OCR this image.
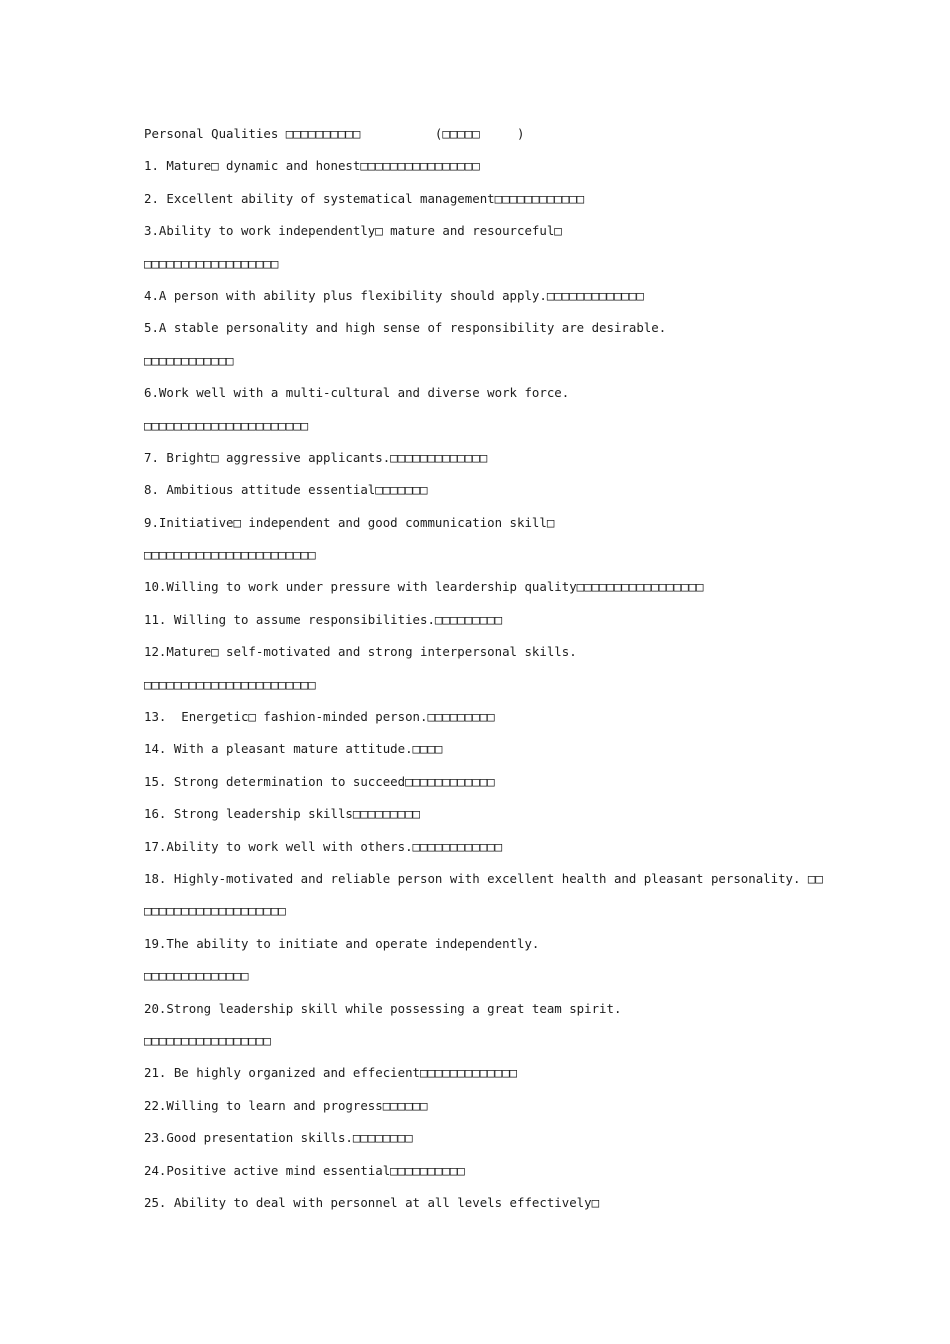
Personal Qualities □□□□□□□□□□          (□□□□□     )
1. Mature□ dynamic and honest□□□□□□□□□□□□□□□□
2. Excellent ability of systematical management□□□□□□□□□□□□
3.Ability to work independently□ mature and resourceful□
□□□□□□□□□□□□□□□□□□
4.A person with ability plus flexibility should apply.□□□□□□□□□□□□□
5.A stable personality and high sense of responsibility are desirable.
□□□□□□□□□□□□
6.Work well with a multi-cultural and diverse work force.
□□□□□□□□□□□□□□□□□□□□□□
7. Bright□ aggressive applicants.□□□□□□□□□□□□□
8. Ambitious attitude essential□□□□□□□
9.Initiative□ independent and good communication skill□
□□□□□□□□□□□□□□□□□□□□□□□
10.Willing to work under pressure with leardership quality□□□□□□□□□□□□□□□□□
11. Willing to assume responsibilities.□□□□□□□□□
12.Mature□ self-motivated and strong interpersonal skills.
□□□□□□□□□□□□□□□□□□□□□□□
13.  Energetic□ fashion-minded person.□□□□□□□□□
14. With a pleasant mature attitude.□□□□
15. Strong determination to succeed□□□□□□□□□□□□
16. Strong leadership skills□□□□□□□□□
17.Ability to work well with others.□□□□□□□□□□□□
18. Highly-motivated and reliable person with excellent health and pleasant personality. □□
□□□□□□□□□□□□□□□□□□□
19.The ability to initiate and operate independently.
□□□□□□□□□□□□□□
20.Strong leadership skill while possessing a great team spirit.
□□□□□□□□□□□□□□□□□
21. Be highly organized and effecient□□□□□□□□□□□□□
22.Willing to learn and progress□□□□□□
23.Good presentation skills.□□□□□□□□
24.Positive active mind essential□□□□□□□□□□
25. Ability to deal with personnel at all levels effectively□
